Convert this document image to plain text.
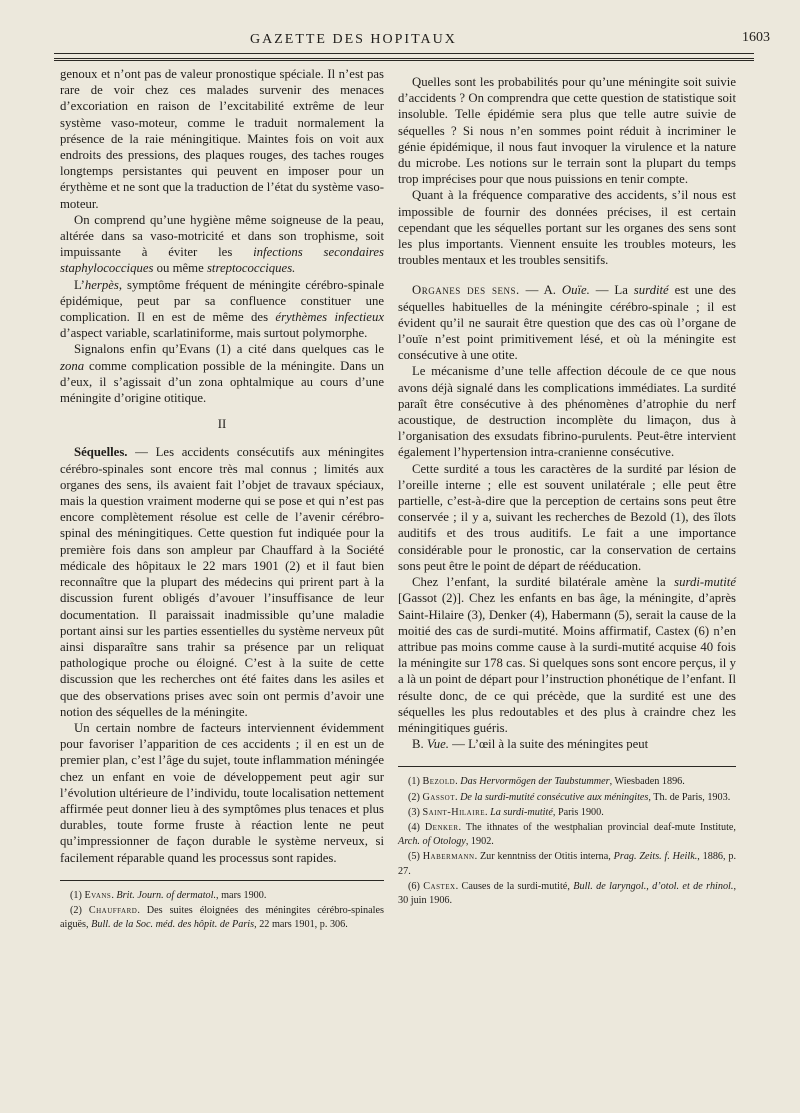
GAZETTE DES HOPITAUX	1603

genoux et n’ont pas de valeur pronostique spéciale. Il n’est pas rare de voir chez ces malades survenir des menaces d’excoriation en raison de l’excitabilité extrême de leur système vaso-moteur, comme le traduit normalement la présence de la raie méningitique. Maintes fois on voit aux endroits des pressions, des plaques rouges, des taches rouges longtemps persistantes qui peuvent en imposer pour un érythème et ne sont que la traduction de l’état du système vaso-moteur.

On comprend qu’une hygiène même soigneuse de la peau, altérée dans sa vaso-motricité et dans son trophisme, soit impuissante à éviter les infections secondaires staphylococciques ou même streptococciques.

L’herpès, symptôme fréquent de méningite cérébro-spinale épidémique, peut par sa confluence constituer une complication. Il en est de même des érythèmes infectieux d’aspect variable, scarlatiniforme, mais surtout polymorphe.

Signalons enfin qu’Evans (1) a cité dans quelques cas le zona comme complication possible de la méningite. Dans un d’eux, il s’agissait d’un zona ophtalmique au cours d’une méningite d’origine otitique.

II

Séquelles. — Les accidents consécutifs aux méningites cérébro-spinales sont encore très mal connus ; limités aux organes des sens, ils avaient fait l’objet de travaux spéciaux, mais la question vraiment moderne qui se pose et qui n’est pas encore complètement résolue est celle de l’avenir cérébro-spinal des méningitiques. Cette question fut indiquée pour la première fois dans son ampleur par Chauffard à la Société médicale des hôpitaux le 22 mars 1901 (2) et il faut bien reconnaître que la plupart des médecins qui prirent part à la discussion furent obligés d’avouer l’insuffisance de leur documentation. Il paraissait inadmissible qu’une maladie portant ainsi sur les parties essentielles du système nerveux pût ainsi disparaître sans trahir sa présence par un reliquat pathologique proche ou éloigné. C’est à la suite de cette discussion que les recherches ont été faites dans les asiles et que des observations prises avec soin ont permis d’avoir une notion des séquelles de la méningite.

Un certain nombre de facteurs interviennent évidemment pour favoriser l’apparition de ces accidents ; il en est un de premier plan, c’est l’âge du sujet, toute inflammation méningée chez un enfant en voie de développement peut agir sur l’évolution ultérieure de l’individu, toute localisation nettement affirmée peut donner lieu à des symptômes plus tenaces et plus durables, toute forme fruste à réaction lente ne peut qu’impressionner de façon durable le système nerveux, si facilement réparable quand les processus sont rapides.

(1) Evans. Brit. Journ. of dermatol., mars 1900.

(2) Chauffard. Des suites éloignées des méningites cérébro-spinales aiguës, Bull. de la Soc. méd. des hôpit. de Paris, 22 mars 1901, p. 306.

Quelles sont les probabilités pour qu’une méningite soit suivie d’accidents ? On comprendra que cette question de statistique soit insoluble. Telle épidémie sera plus que telle autre suivie de séquelles ? Si nous n’en sommes point réduit à incriminer le génie épidémique, il nous faut invoquer la virulence et la nature du microbe. Les notions sur le terrain sont la plupart du temps trop imprécises pour que nous puissions en tenir compte.

Quant à la fréquence comparative des accidents, s’il nous est impossible de fournir des données précises, il est certain cependant que les séquelles portant sur les organes des sens sont les plus importants. Viennent ensuite les troubles moteurs, les troubles mentaux et les troubles sensitifs.

Organes des sens. — A. Ouïe. — La surdité est une des séquelles habituelles de la méningite cérébro-spinale ; il est évident qu’il ne saurait être question que des cas où l’organe de l’ouïe n’est point primitivement lésé, et où la méningite est consécutive à une otite.

Le mécanisme d’une telle affection découle de ce que nous avons déjà signalé dans les complications immédiates. La surdité paraît être consécutive à des phénomènes d’atrophie du nerf acoustique, de destruction incomplète du limaçon, dus à l’organisation des exsudats fibrino-purulents. Peut-être intervient également l’hypertension intra-cranienne consécutive.

Cette surdité a tous les caractères de la surdité par lésion de l’oreille interne ; elle est souvent unilatérale ; elle peut être partielle, c’est-à-dire que la perception de certains sons peut être conservée ; il y a, suivant les recherches de Bezold (1), des îlots auditifs et des trous auditifs. Le fait a une importance considérable pour le pronostic, car la conservation de certains sons peut être le point de départ de rééducation.

Chez l’enfant, la surdité bilatérale amène la surdi-mutité [Gassot (2)]. Chez les enfants en bas âge, la méningite, d’après Saint-Hilaire (3), Denker (4), Habermann (5), serait la cause de la moitié des cas de surdi-mutité. Moins affirmatif, Castex (6) n’en attribue pas moins comme cause à la surdi-mutité acquise 40 fois la méningite sur 178 cas. Si quelques sons sont encore perçus, il y a là un point de départ pour l’instruction phonétique de l’enfant. Il résulte donc, de ce qui précède, que la surdité est une des séquelles les plus redoutables et des plus à craindre chez les méningitiques guéris.

B. Vue. — L’œil à la suite des méningites peut

(1) Bezold. Das Hervormögen der Taubstummer, Wiesbaden 1896.

(2) Gassot. De la surdi-mutité consécutive aux méningites, Th. de Paris, 1903.

(3) Saint-Hilaire. La surdi-mutité, Paris 1900.

(4) Denker. The ithnates of the westphalian provincial deaf-mute Institute, Arch. of Otology, 1902.

(5) Habermann. Zur kenntniss der Otitis interna, Prag. Zeits. f. Heilk., 1886, p. 27.

(6) Castex. Causes de la surdi-mutité, Bull. de laryngol., d’otol. et de rhinol., 30 juin 1906.
